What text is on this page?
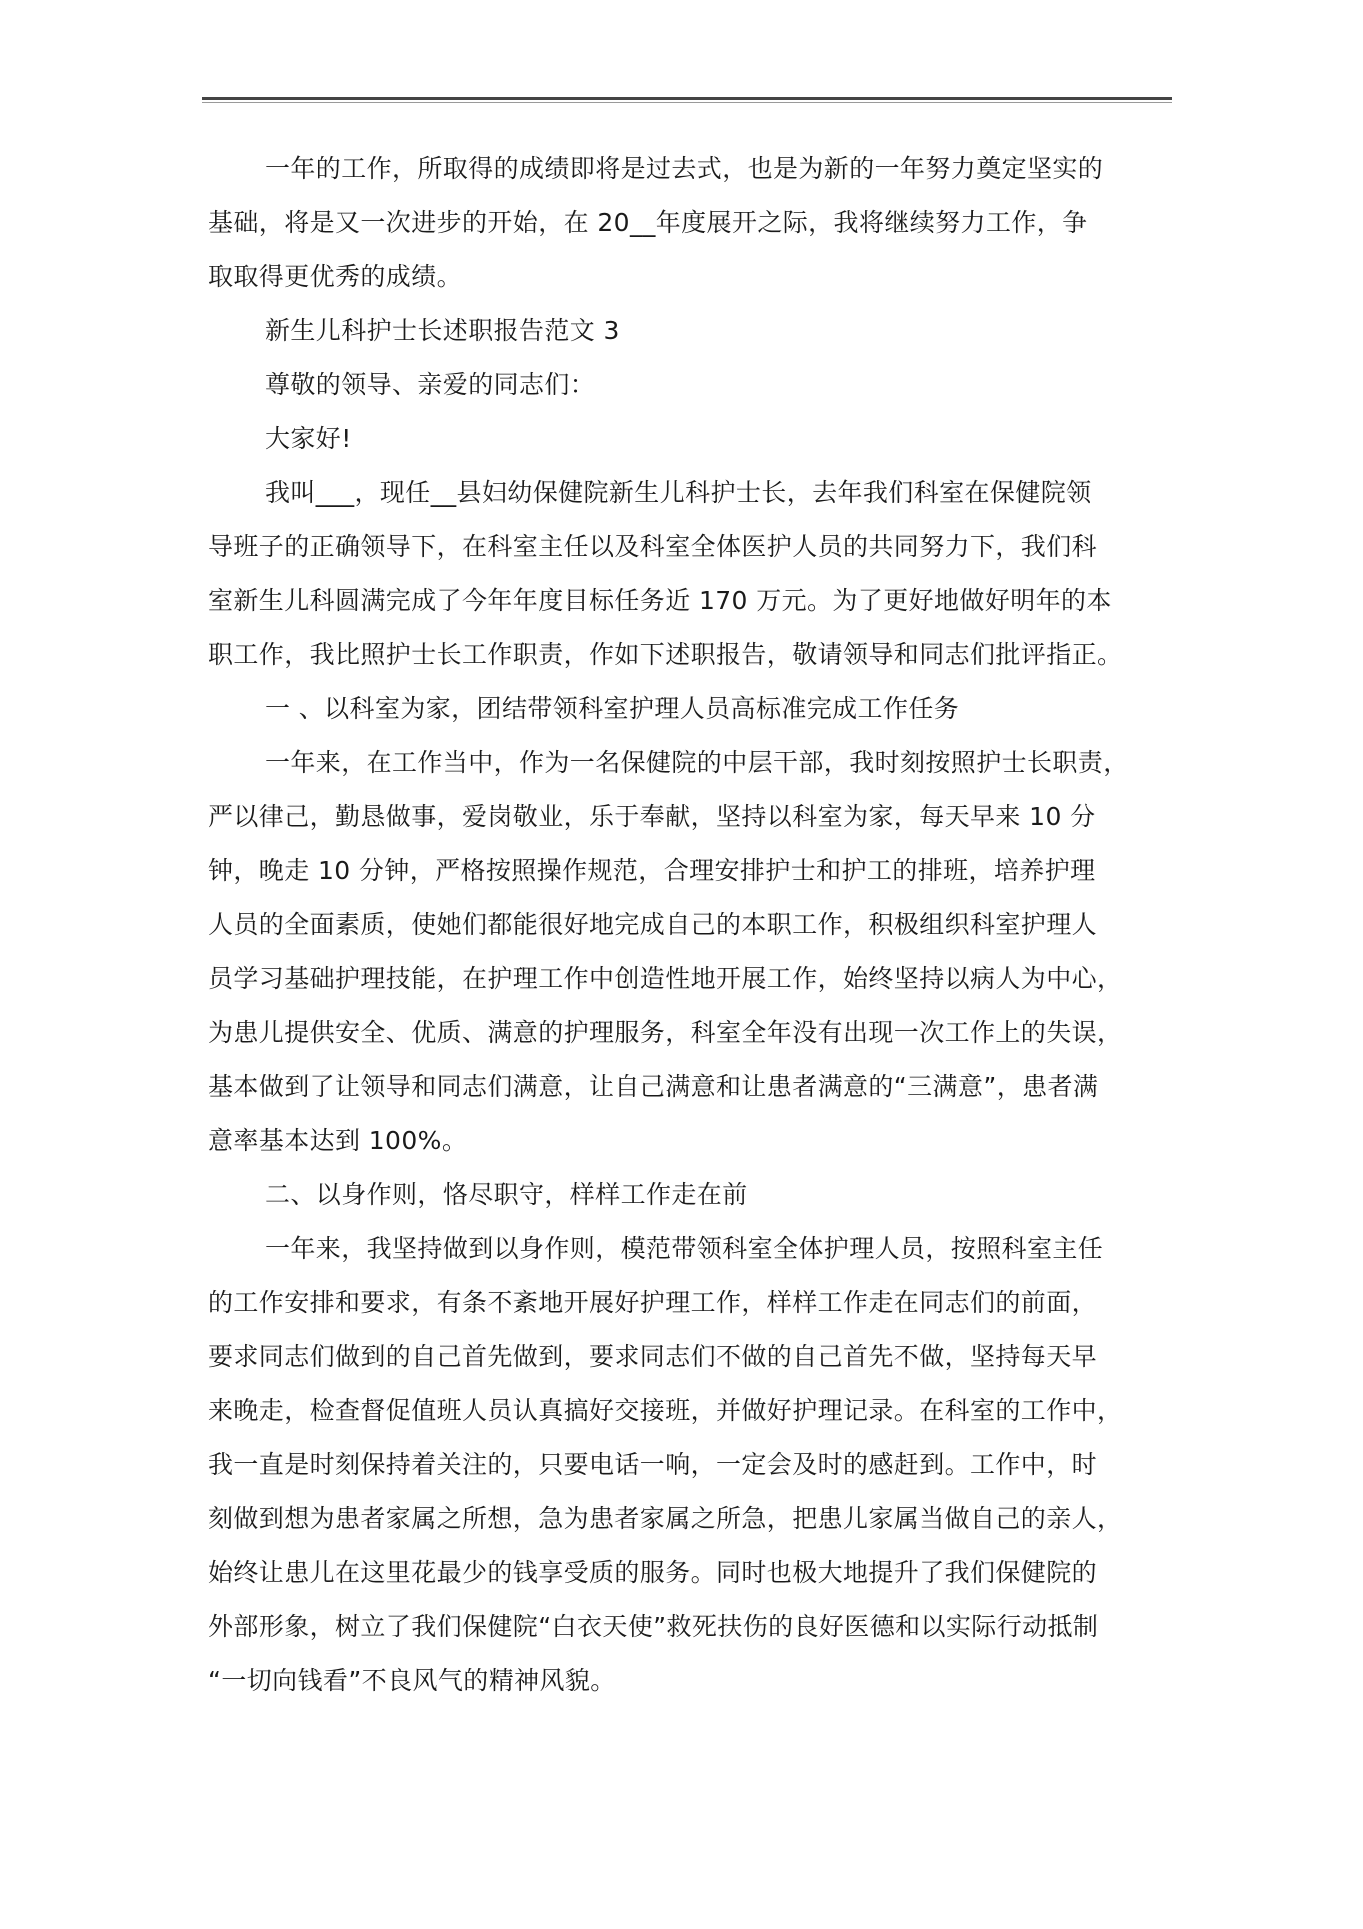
一年的工作，所取得的成绩即将是过去式，也是为新的一年努力奠定坚实的
基础，将是又一次进步的开始，在 20__年度展开之际，我将继续努力工作，争
取取得更优秀的成绩。
新生儿科护士长述职报告范文 3
尊敬的领导、亲爱的同志们：
大家好!
我叫___，现任__县妇幼保健院新生儿科护士长，去年我们科室在保健院领
导班子的正确领导下，在科室主任以及科室全体医护人员的共同努力下，我们科
室新生儿科圆满完成了今年年度目标任务近 170 万元。为了更好地做好明年的本
职工作，我比照护士长工作职责，作如下述职报告，敬请领导和同志们批评指正。
一 、以科室为家，团结带领科室护理人员高标准完成工作任务
一年来，在工作当中，作为一名保健院的中层干部，我时刻按照护士长职责，
严以律己，勤恳做事，爱岗敬业，乐于奉献，坚持以科室为家，每天早来 10 分
钟，晚走 10 分钟，严格按照操作规范，合理安排护士和护工的排班，培养护理
人员的全面素质，使她们都能很好地完成自己的本职工作，积极组织科室护理人
员学习基础护理技能，在护理工作中创造性地开展工作，始终坚持以病人为中心，
为患儿提供安全、优质、满意的护理服务，科室全年没有出现一次工作上的失误，
基本做到了让领导和同志们满意，让自己满意和让患者满意的“三满意”，患者满
意率基本达到 100%。
二、以身作则，恪尽职守，样样工作走在前
一年来，我坚持做到以身作则，模范带领科室全体护理人员，按照科室主任
的工作安排和要求，有条不紊地开展好护理工作，样样工作走在同志们的前面，
要求同志们做到的自己首先做到，要求同志们不做的自己首先不做，坚持每天早
来晚走，检查督促值班人员认真搞好交接班，并做好护理记录。在科室的工作中，
我一直是时刻保持着关注的，只要电话一响，一定会及时的感赶到。工作中，时
刻做到想为患者家属之所想，急为患者家属之所急，把患儿家属当做自己的亲人，
始终让患儿在这里花最少的钱享受质的服务。同时也极大地提升了我们保健院的
外部形象，树立了我们保健院“白衣天使”救死扶伤的良好医德和以实际行动抵制
“一切向钱看”不良风气的精神风貌。
